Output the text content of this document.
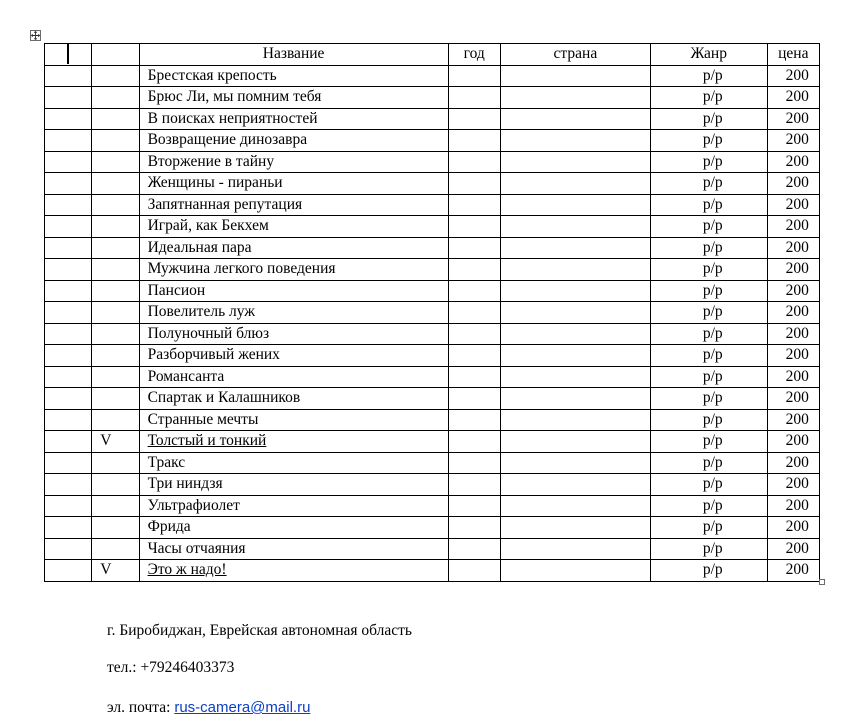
		Название	год	страна	Жанр	цена
		Брестская крепость			р/р	200
		Брюс Ли, мы помним тебя			р/р	200
		В поисках неприятностей			р/р	200
		Возвращение динозавра			р/р	200
		Вторжение в тайну			р/р	200
		Женщины - пираньи			р/р	200
		Запятнанная репутация			р/р	200
		Играй, как Бекхем			р/р	200
		Идеальная пара			р/р	200
		Мужчина легкого поведения			р/р	200
		Пансион			р/р	200
		Повелитель луж			р/р	200
		Полуночный блюз			р/р	200
		Разборчивый жених			р/р	200
		Романсанта			р/р	200
		Спартак и Калашников			р/р	200
		Странные мечты			р/р	200
	V	Толстый и тонкий			р/р	200
		Тракс			р/р	200
		Три ниндзя			р/р	200
		Ультрафиолет			р/р	200
		Фрида			р/р	200
		Часы отчаяния			р/р	200
	V	Это ж надо!			р/р	200
г. Биробиджан, Еврейская автономная область
тел.: +79246403373
эл. почта: rus-camera@mail.ru
